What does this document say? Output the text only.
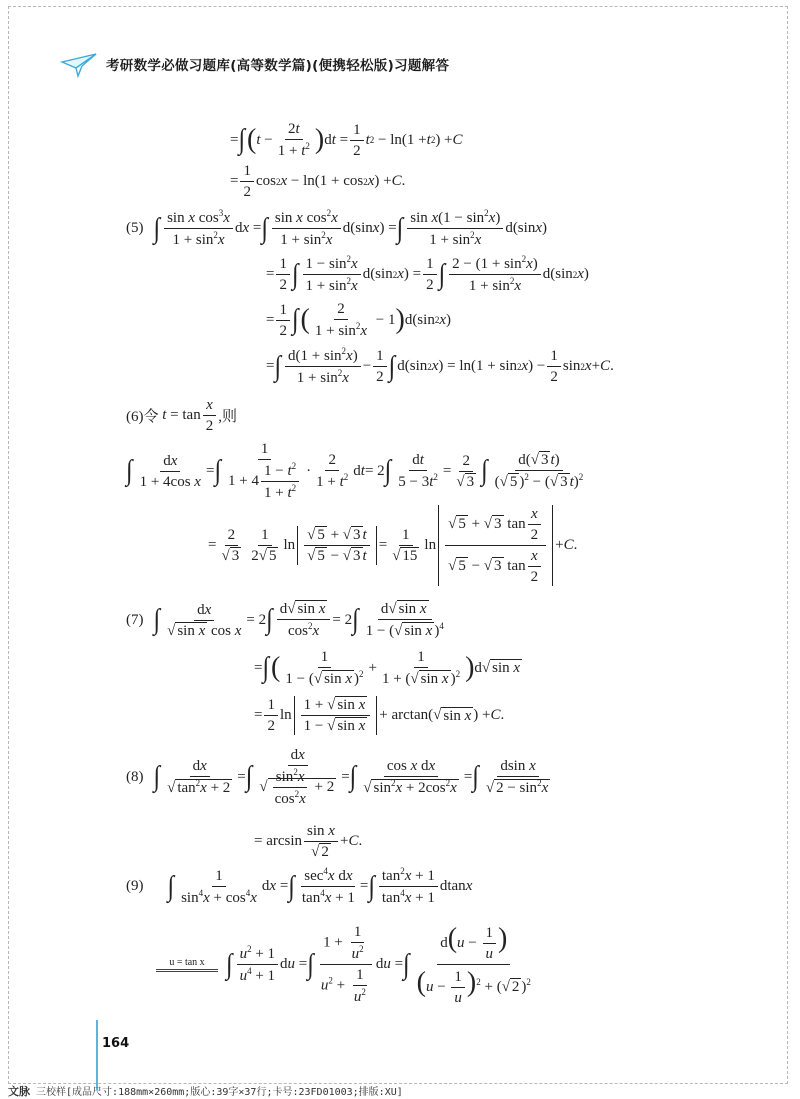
考研数学必做习题库(高等数学篇)(便携轻松版)习题解答
= ∫ ( t −
2t
$1 + t^2$ ) d t =
1
2
t 2 − ln(1 + t 2 ) + C
=
1
2
cos 2 x − ln(1 + cos 2 x ) + C .
(5) ∫ sin x $\cos^3x$
$1 + \sin^2x$
d x = ∫ sin x $\cos^2x$
$1 + \sin^2x$
d(sin x ) = ∫ $\sin x(1 - \sin^2x)$
$1 + \sin^2x$
d(sin x )
=
1
2 ∫ $1 - \sin^2x$
$1 + \sin^2x$
d(sin 2 x ) =
1
2 ∫ $2 - (1 + \sin^2x)$
$1 + \sin^2x$
d(sin 2 x )
=
1
2 ∫ ( 2
$1 + \sin^2x$
− 1 ) d(sin 2 x )
= ∫ $d(1 + \sin^2x)$
$1 + \sin^2x$
−
1
2 ∫ d(sin 2 x ) = ln(1 + sin 2 x ) −
1
2
sin 2 x + C .
(6)令
t = tan
x
2
,则
∫ dx
1 + 4cos x
= ∫
1
$1 + 4 \frac{1 - t^2}{1 + t^2}$ ·
2
$1 + t^2$ d t = 2 ∫ dt
$5 - 3t^2$ =
2
√ 3 ∫ d(√ 3 t)
(√ 5 )$^2$ − (√ 3 t)$^2$
=
2
√ 3
1
2√ 5
ln
√ 5 + √ 3 t
√ 5 − √ 3 t
=
1
√ 15
ln
√ 5 + √ 3 $\tan \frac{x}{2}$
√ 5 − √ 3 $\tan \frac{x}{2}$
+ C .
(7) ∫ dx
√ sin x cos x
= 2 ∫ d√ sin x
$\cos^2x$
= 2 ∫ d√ sin x
1 − (√ sin x )$^4$
= ∫ (	1
1 − (√ sin x )$^2$ +
1
1 + (√ sin x )$^2$ ) d√ sin x
=
1
2
ln
1 + √ sin x
1 − √ sin x
+ arctan(√ sin x ) + C .
(8) ∫ dx
√ $\tan^2x + 2$
= ∫
dx
√ $\frac{\sin^2x}{\cos^2x} + 2$
= ∫ cos x dx
√ $\sin^2x + 2\cos^2x$
= ∫ dsin x
√ $2 - \sin^2x$
= arcsin
sin x
√ 2
+ C .
(9) ∫	1
$\sin^4x + \cos^4x$
d x = ∫ $\sec^4x$ dx
$\tan^4x + 1$
= ∫ $\tan^2x + 1$
$\tan^4x + 1$
dtan x
u = tan x ∫ $u^2 + 1$
$u^4 + 1$
d u = ∫
$1 + \frac{1}{u^2}$
$u^2 + \frac{1}{u^2}$
d u = ∫
$d(u - \frac{1}{u}$ )
$(u - \frac{1}{u} )^2$ + (√ 2 )$^2$
164
文脉 三校样[成品尺寸:188mm×260mm;版心:39字×37行;卡号:23FD01003;排版:XU]
